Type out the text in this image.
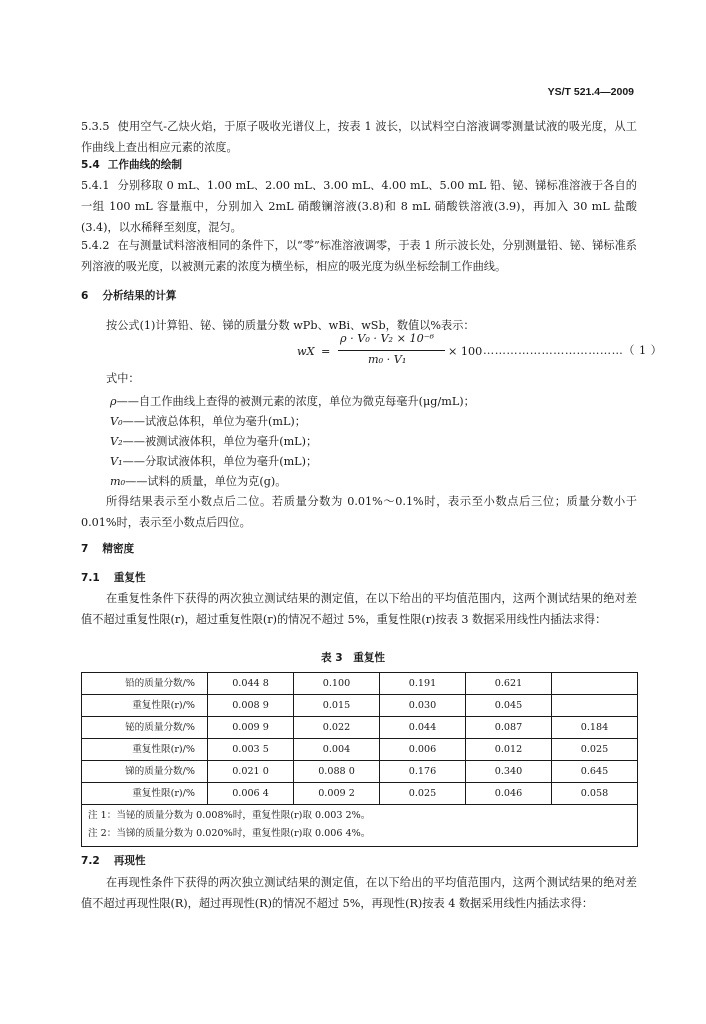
YS/T 521.4—2009
5.3.5 使用空气-乙炔火焰，于原子吸收光谱仪上，按表 1 波长，以试料空白溶液调零测量试液的吸光度，从工作曲线上查出相应元素的浓度。
5.4 工作曲线的绘制
5.4.1 分别移取 0 mL、1.00 mL、2.00 mL、3.00 mL、4.00 mL、5.00 mL 铅、铋、锑标准溶液于各自的一组 100 mL 容量瓶中，分别加入 2mL 硝酸镧溶液(3.8)和 8 mL 硝酸铁溶液(3.9)，再加入 30 mL 盐酸(3.4)，以水稀释至刻度，混匀。
5.4.2 在与测量试料溶液相同的条件下，以“零”标准溶液调零，于表 1 所示波长处，分别测量铅、铋、锑标准系列溶液的吸光度，以被测元素的浓度为横坐标，相应的吸光度为纵坐标绘制工作曲线。
6 分析结果的计算
按公式(1)计算铅、铋、锑的质量分数 wPb、wBi、wSb，数值以%表示：
wX =
ρ · V₀ · V₂ × 10⁻⁶
m₀ · V₁
× 100 ………………………………（ 1 ）
式中：
ρ——自工作曲线上查得的被测元素的浓度，单位为微克每毫升(μg/mL)；
V₀——试液总体积，单位为毫升(mL)；
V₂——被测试液体积，单位为毫升(mL)；
V₁——分取试液体积，单位为毫升(mL)；
m₀——试料的质量，单位为克(g)。
所得结果表示至小数点后二位。若质量分数为 0.01%～0.1%时，表示至小数点后三位；质量分数小于 0.01%时，表示至小数点后四位。
7 精密度
7.1 重复性
在重复性条件下获得的两次独立测试结果的测定值，在以下给出的平均值范围内，这两个测试结果的绝对差值不超过重复性限(r)，超过重复性限(r)的情况不超过 5%，重复性限(r)按表 3 数据采用线性内插法求得：
表 3　重复性
铅的质量分数/%	0.044 8	0.100	0.191	0.621	
重复性限(r)/%	0.008 9	0.015	0.030	0.045	
铋的质量分数/%	0.009 9	0.022	0.044	0.087	0.184
重复性限(r)/%	0.003 5	0.004	0.006	0.012	0.025
锑的质量分数/%	0.021 0	0.088 0	0.176	0.340	0.645
重复性限(r)/%	0.006 4	0.009 2	0.025	0.046	0.058
注 1：当铋的质量分数为 0.008%时，重复性限(r)取 0.003 2%。					
注 2：当锑的质量分数为 0.020%时，重复性限(r)取 0.006 4%。					
7.2 再现性
在再现性条件下获得的两次独立测试结果的测定值，在以下给出的平均值范围内，这两个测试结果的绝对差值不超过再现性限(R)，超过再现性(R)的情况不超过 5%，再现性(R)按表 4 数据采用线性内插法求得：
